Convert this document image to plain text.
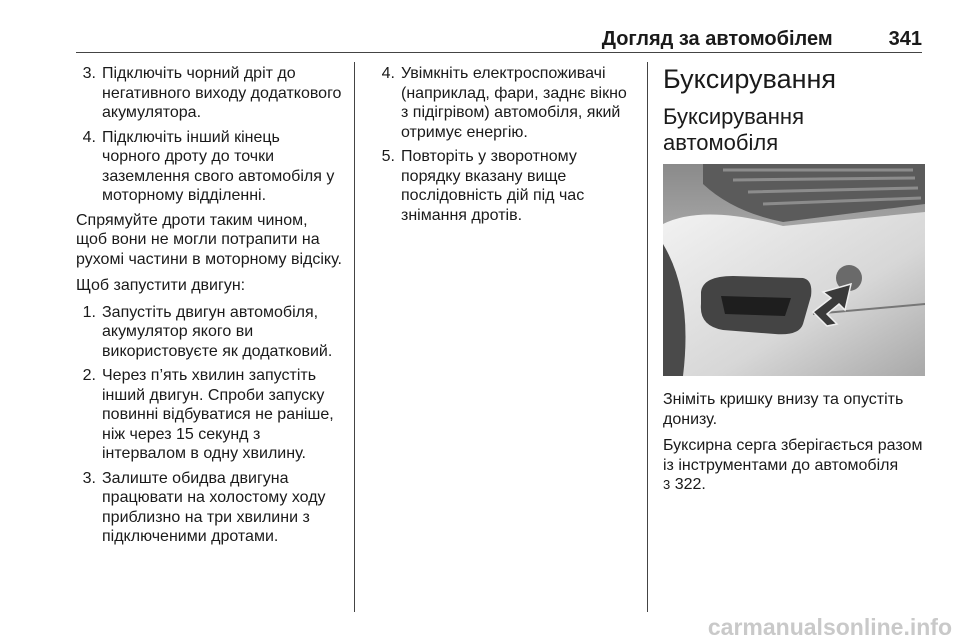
Догляд за автомобілем	341
3. Підключіть чорний дріт до негативного виходу додаткового акумулятора.
4. Підключіть інший кінець чорного дроту до точки заземлення свого автомобіля у моторному відділенні.
Спрямуйте дроти таким чином, щоб вони не могли потрапити на рухомі частини в моторному відсіку.
Щоб запустити двигун:
1. Запустіть двигун автомобіля, акумулятор якого ви використовуєте як додатковий.
2. Через п’ять хвилин запустіть інший двигун. Спроби запуску повинні відбуватися не раніше, ніж через 15 секунд з інтервалом в одну хвилину.
3. Залиште обидва двигуна працювати на холостому ходу приблизно на три хвилини з підключеними дротами.
4. Увімкніть електроспоживачі (наприклад, фари, заднє вікно з підігрівом) автомобіля, який отримує енергію.
5. Повторіть у зворотному порядку вказану вище послідовність дій під час знімання дротів.
Буксирування
Буксирування автомобіля
Зніміть кришку внизу та опустіть донизу.
Буксирна серга зберігається разом із інструментами до автомобіля
3 322.
carmanualsonline.info
